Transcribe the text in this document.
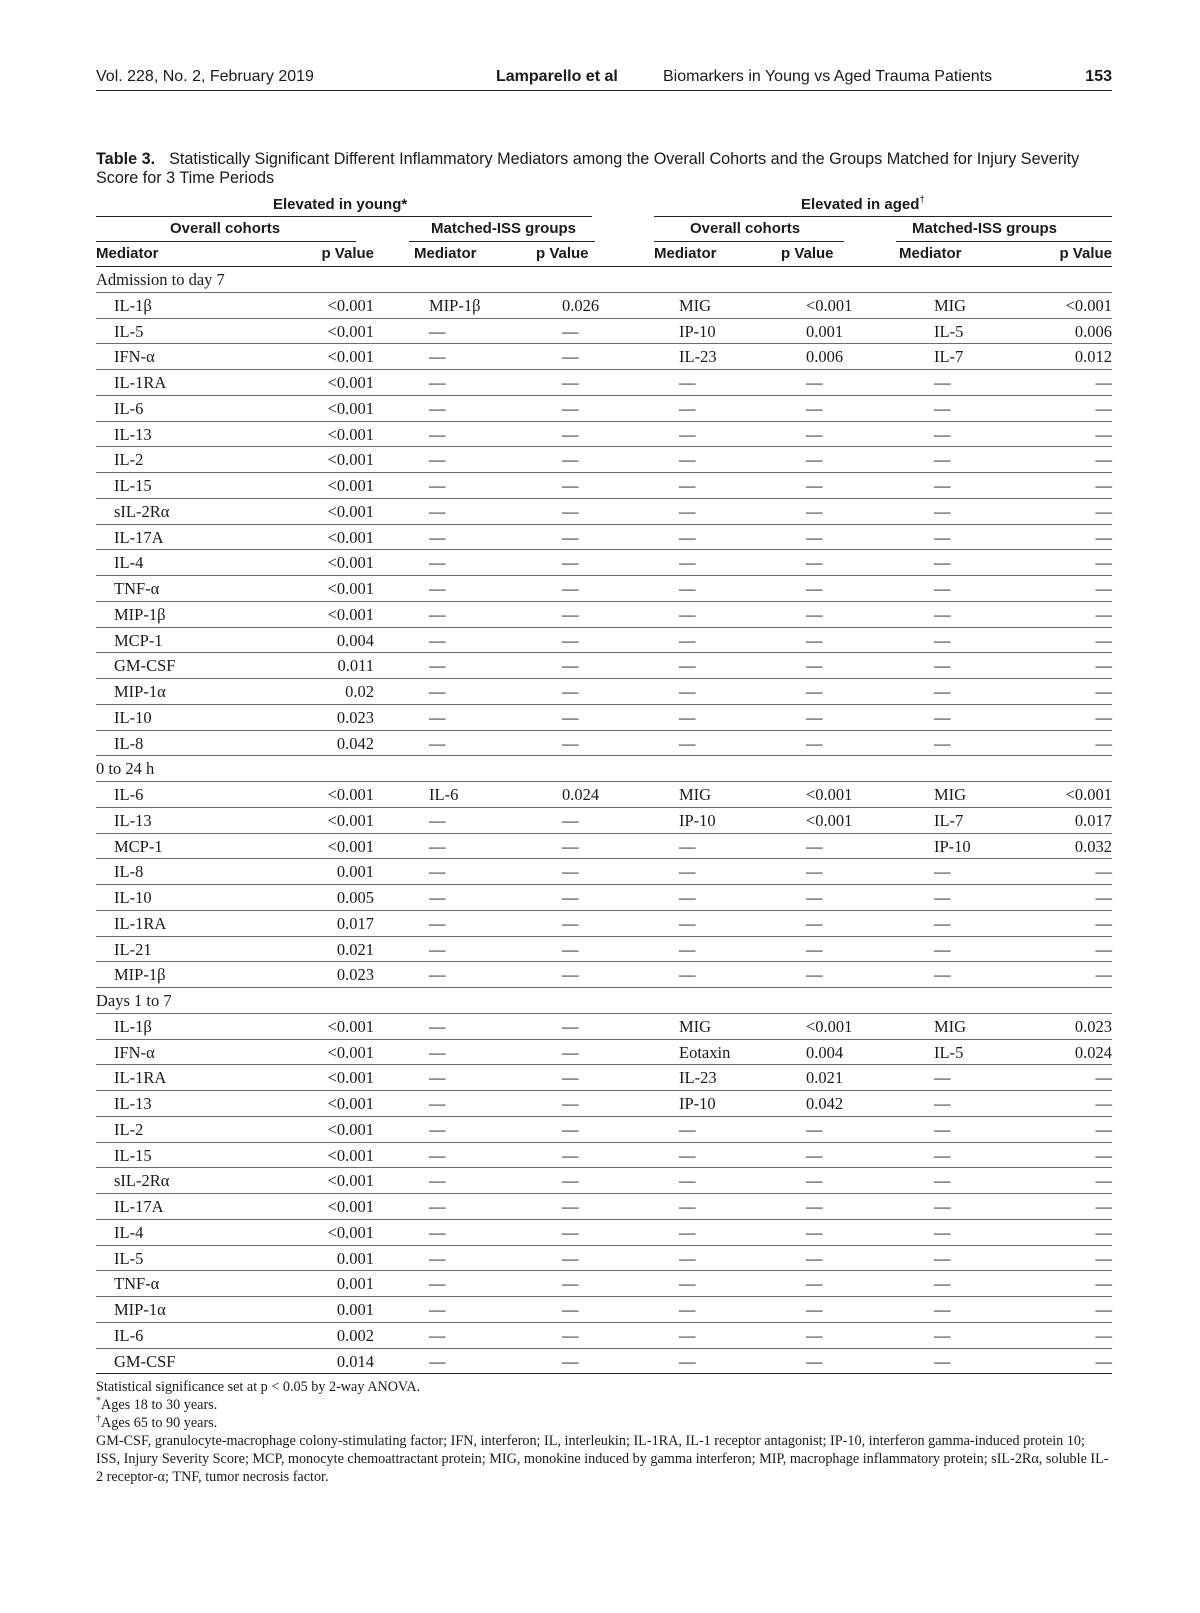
Vol. 228, No. 2, February 2019	Lamparello et al	Biomarkers in Young vs Aged Trauma Patients	153
Table 3. Statistically Significant Different Inflammatory Mediators among the Overall Cohorts and the Groups Matched for Injury Severity Score for 3 Time Periods
Elevated in young*	Elevated in aged†
Overall cohorts	Matched-ISS groups	Overall cohorts	Matched-ISS groups
Mediator	p Value	Mediator	p Value	Mediator	p Value	Mediator	p Value
Admission to day 7
IL-1β	<0.001	MIP-1β	0.026	MIG	<0.001	MIG	<0.001
IL-5	<0.001	—	—	IP-10	0.001	IL-5	0.006
IFN-α	<0.001	—	—	IL-23	0.006	IL-7	0.012
IL-1RA	<0.001	—	—	—	—	—	—
IL-6	<0.001	—	—	—	—	—	—
IL-13	<0.001	—	—	—	—	—	—
IL-2	<0.001	—	—	—	—	—	—
IL-15	<0.001	—	—	—	—	—	—
sIL-2Rα	<0.001	—	—	—	—	—	—
IL-17A	<0.001	—	—	—	—	—	—
IL-4	<0.001	—	—	—	—	—	—
TNF-α	<0.001	—	—	—	—	—	—
MIP-1β	<0.001	—	—	—	—	—	—
MCP-1	0.004	—	—	—	—	—	—
GM-CSF	0.011	—	—	—	—	—	—
MIP-1α	0.02	—	—	—	—	—	—
IL-10	0.023	—	—	—	—	—	—
IL-8	0.042	—	—	—	—	—	—
0 to 24 h
IL-6	<0.001	IL-6	0.024	MIG	<0.001	MIG	<0.001
IL-13	<0.001	—	—	IP-10	<0.001	IL-7	0.017
MCP-1	<0.001	—	—	—	—	IP-10	0.032
IL-8	0.001	—	—	—	—	—	—
IL-10	0.005	—	—	—	—	—	—
IL-1RA	0.017	—	—	—	—	—	—
IL-21	0.021	—	—	—	—	—	—
MIP-1β	0.023	—	—	—	—	—	—
Days 1 to 7
IL-1β	<0.001	—	—	MIG	<0.001	MIG	0.023
IFN-α	<0.001	—	—	Eotaxin	0.004	IL-5	0.024
IL-1RA	<0.001	—	—	IL-23	0.021	—	—
IL-13	<0.001	—	—	IP-10	0.042	—	—
IL-2	<0.001	—	—	—	—	—	—
IL-15	<0.001	—	—	—	—	—	—
sIL-2Rα	<0.001	—	—	—	—	—	—
IL-17A	<0.001	—	—	—	—	—	—
IL-4	<0.001	—	—	—	—	—	—
IL-5	0.001	—	—	—	—	—	—
TNF-α	0.001	—	—	—	—	—	—
MIP-1α	0.001	—	—	—	—	—	—
IL-6	0.002	—	—	—	—	—	—
GM-CSF	0.014	—	—	—	—	—	—

Statistical significance set at p < 0.05 by 2-way ANOVA.

*Ages 18 to 30 years.

†Ages 65 to 90 years.

GM-CSF, granulocyte-macrophage colony-stimulating factor; IFN, interferon; IL, interleukin; IL-1RA, IL-1 receptor antagonist; IP-10, interferon gamma-induced protein 10; ISS, Injury Severity Score; MCP, monocyte chemoattractant protein; MIG, monokine induced by gamma interferon; MIP, macrophage inflammatory protein; sIL-2Rα, soluble IL-2 receptor-α; TNF, tumor necrosis factor.
